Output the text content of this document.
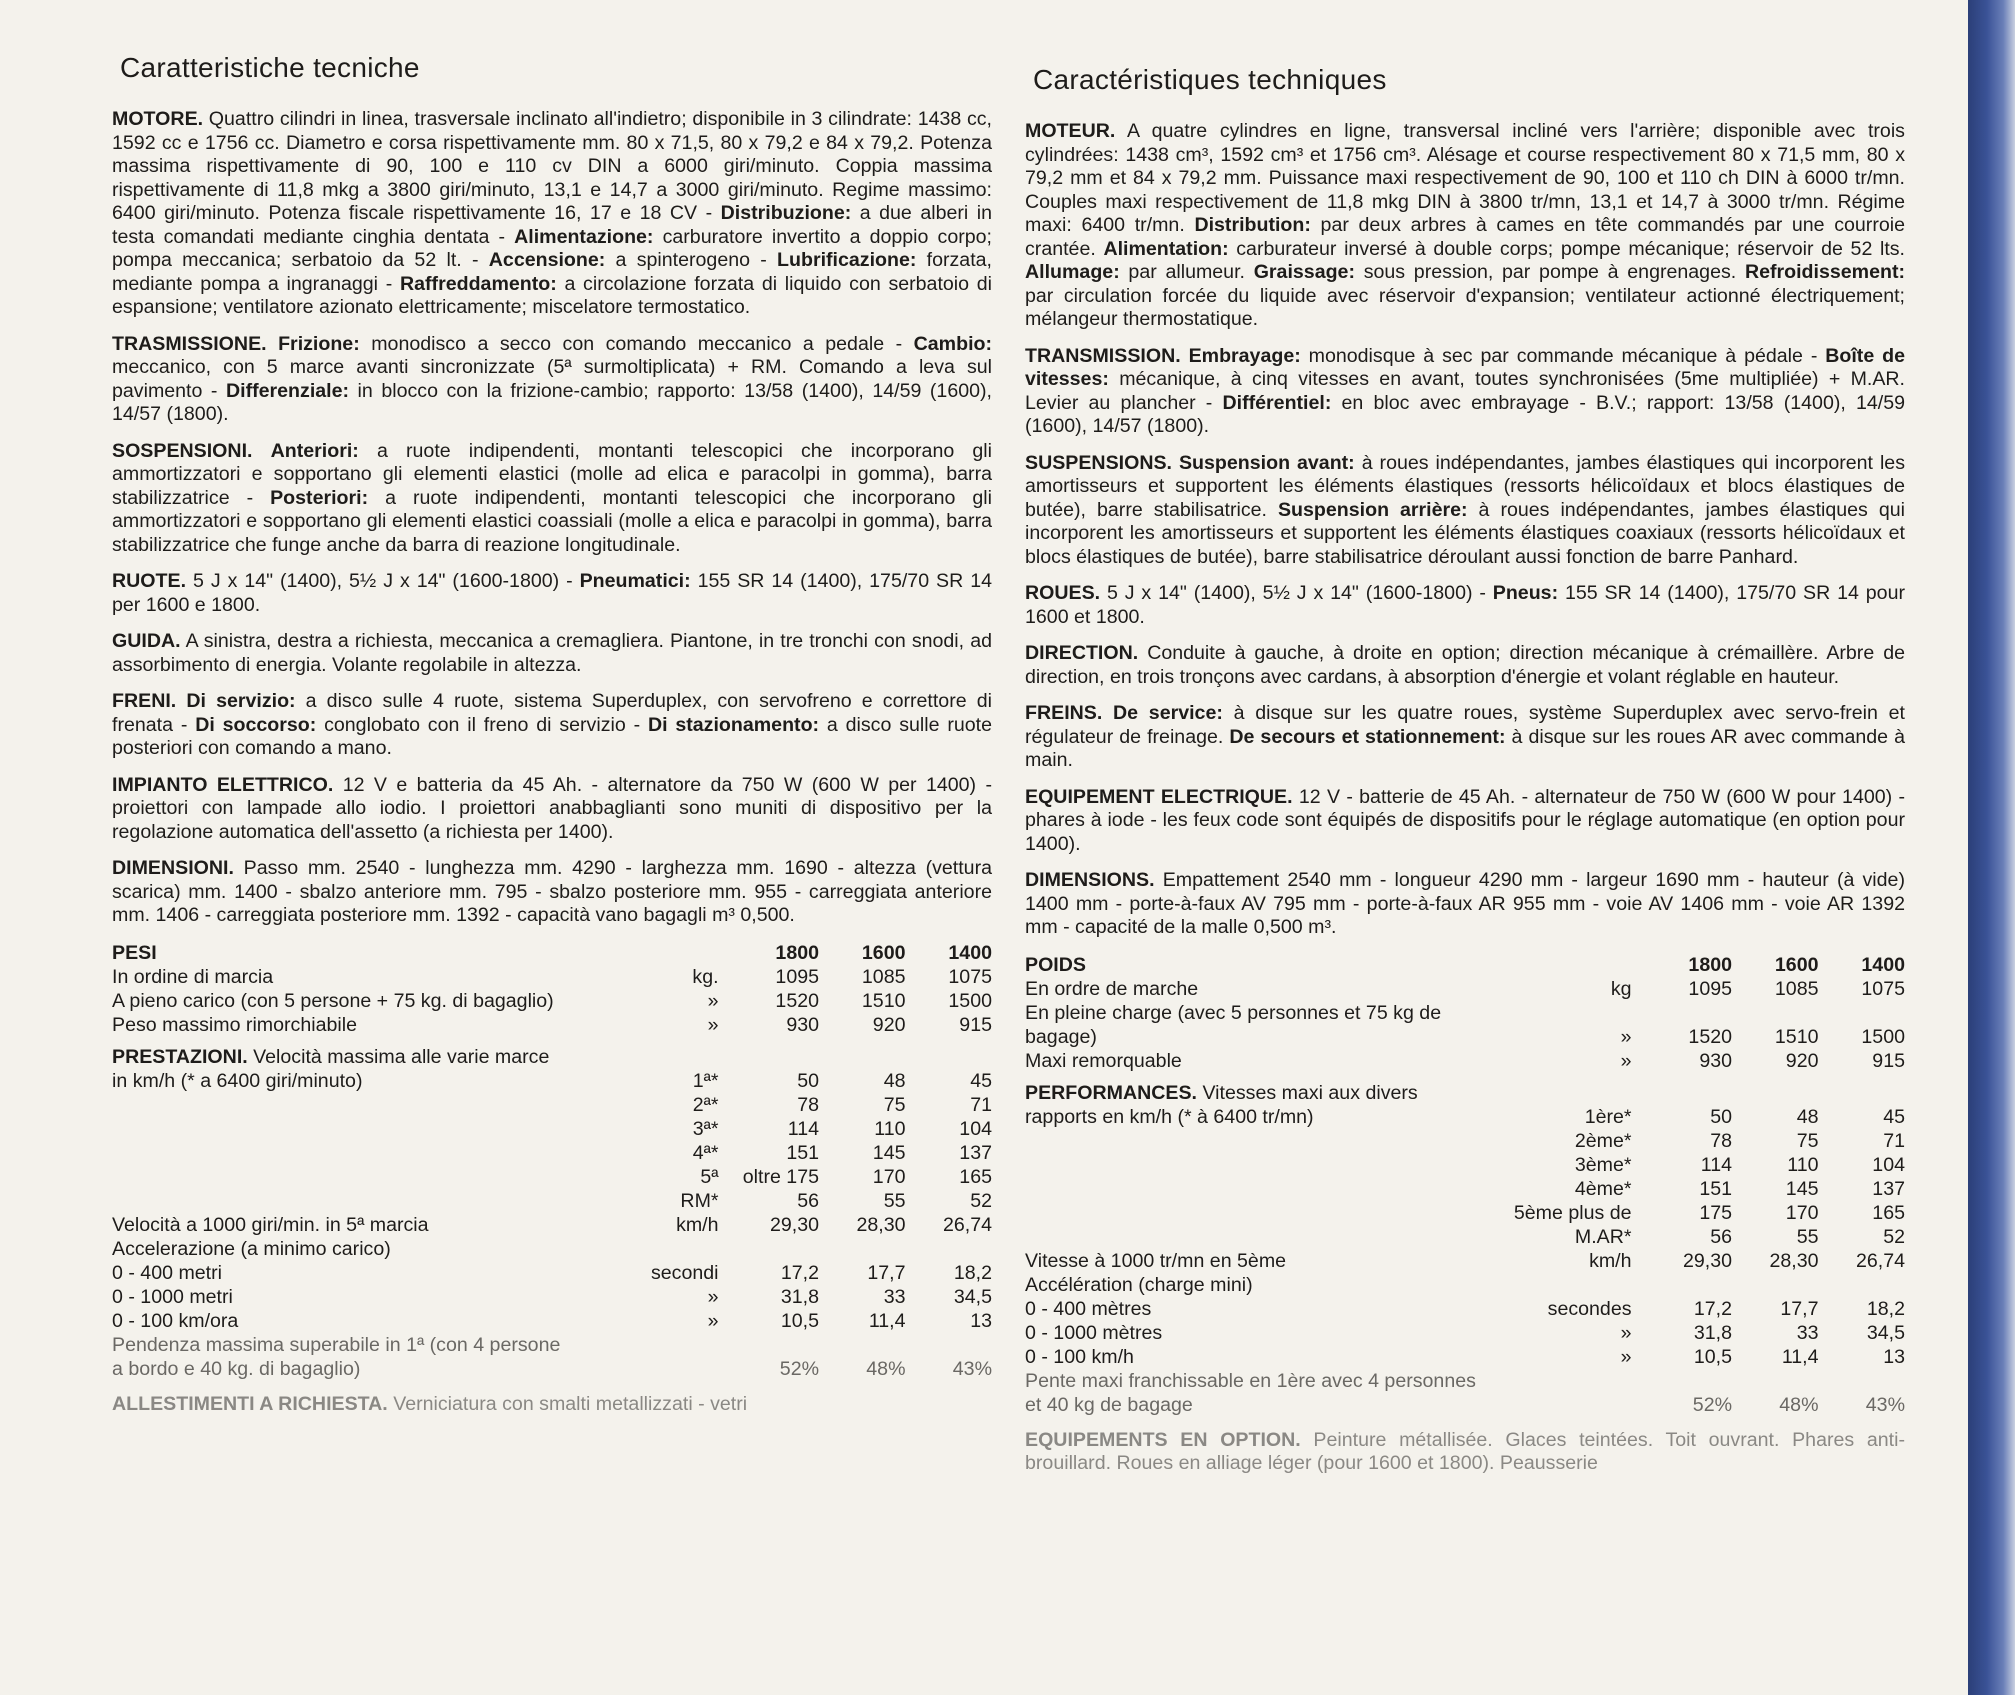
Caratteristiche tecniche

MOTORE. Quattro cilindri in linea, trasversale inclinato all'indietro; disponibile in 3 cilindrate: 1438 cc, 1592 cc e 1756 cc. Diametro e corsa rispettivamente mm. 80 x 71,5, 80 x 79,2 e 84 x 79,2. Potenza massima rispettivamente di 90, 100 e 110 cv DIN a 6000 giri/minuto. Coppia massima rispettivamente di 11,8 mkg a 3800 giri/minuto, 13,1 e 14,7 a 3000 giri/minuto. Regime massimo: 6400 giri/minuto. Potenza fiscale rispettivamente 16, 17 e 18 CV - Distribuzione: a due alberi in testa comandati mediante cinghia dentata - Alimentazione: carburatore invertito a doppio corpo; pompa meccanica; serbatoio da 52 lt. - Accensione: a spinterogeno - Lubrificazione: forzata, mediante pompa a ingranaggi - Raffreddamento: a circolazione forzata di liquido con serbatoio di espansione; ventilatore azionato elettricamente; miscelatore termostatico.

TRASMISSIONE. Frizione: monodisco a secco con comando meccanico a pedale - Cambio: meccanico, con 5 marce avanti sincronizzate (5ª surmoltiplicata) + RM. Comando a leva sul pavimento - Differenziale: in blocco con la frizione-cambio; rapporto: 13/58 (1400), 14/59 (1600), 14/57 (1800).

SOSPENSIONI. Anteriori: a ruote indipendenti, montanti telescopici che incorporano gli ammortizzatori e sopportano gli elementi elastici (molle ad elica e paracolpi in gomma), barra stabilizzatrice - Posteriori: a ruote indipendenti, montanti telescopici che incorporano gli ammortizzatori e sopportano gli elementi elastici coassiali (molle a elica e paracolpi in gomma), barra stabilizzatrice che funge anche da barra di reazione longitudinale.

RUOTE. 5 J x 14" (1400), 5½ J x 14" (1600-1800) - Pneumatici: 155 SR 14 (1400), 175/70 SR 14 per 1600 e 1800.

GUIDA. A sinistra, destra a richiesta, meccanica a cremagliera. Piantone, in tre tronchi con snodi, ad assorbimento di energia. Volante regolabile in altezza.

FRENI. Di servizio: a disco sulle 4 ruote, sistema Superduplex, con servofreno e correttore di frenata - Di soccorso: conglobato con il freno di servizio - Di stazionamento: a disco sulle ruote posteriori con comando a mano.

IMPIANTO ELETTRICO. 12 V e batteria da 45 Ah. - alternatore da 750 W (600 W per 1400) - proiettori con lampade allo iodio. I proiettori anabbaglianti sono muniti di dispositivo per la regolazione automatica dell'assetto (a richiesta per 1400).

DIMENSIONI. Passo mm. 2540 - lunghezza mm. 4290 - larghezza mm. 1690 - altezza (vettura scarica) mm. 1400 - sbalzo anteriore mm. 795 - sbalzo posteriore mm. 955 - carreggiata anteriore mm. 1406 - carreggiata posteriore mm. 1392 - capacità vano bagagli m³ 0,500.

PESI		1800	1600	1400
In ordine di marcia	kg.	1095	1085	1075
A pieno carico (con 5 persone + 75 kg. di bagaglio)	»	1520	1510	1500
Peso massimo rimorchiabile	»	930	920	915

PRESTAZIONI. Velocità massima alle varie marce in km/h (* a 6400 giri/minuto)	1ª*	50	48	45
	2ª*	78	75	71
	3ª*	114	110	104
	4ª*	151	145	137
	5ª	oltre 175	170	165
	RM*	56	55	52
Velocità a 1000 giri/min. in 5ª marcia	km/h	29,30	28,30	26,74
Accelerazione (a minimo carico)				
0 - 400 metri	secondi	17,2	17,7	18,2
0 - 1000 metri	»	31,8	33	34,5
0 - 100 km/ora	»	10,5	11,4	13
Pendenza massima superabile in 1ª (con 4 persone a bordo e 40 kg. di bagaglio)		52%	48%	43%

ALLESTIMENTI A RICHIESTA. Verniciatura con smalti metallizzati - vetri

Caractéristiques techniques

MOTEUR. A quatre cylindres en ligne, transversal incliné vers l'arrière; disponible avec trois cylindrées: 1438 cm³, 1592 cm³ et 1756 cm³. Alésage et course respectivement 80 x 71,5 mm, 80 x 79,2 mm et 84 x 79,2 mm. Puissance maxi respectivement de 90, 100 et 110 ch DIN à 6000 tr/mn. Couples maxi respectivement de 11,8 mkg DIN à 3800 tr/mn, 13,1 et 14,7 à 3000 tr/mn. Régime maxi: 6400 tr/mn. Distribution: par deux arbres à cames en tête commandés par une courroie crantée. Alimentation: carburateur inversé à double corps; pompe mécanique; réservoir de 52 lts. Allumage: par allumeur. Graissage: sous pression, par pompe à engrenages. Refroidissement: par circulation forcée du liquide avec réservoir d'expansion; ventilateur actionné électriquement; mélangeur thermostatique.

TRANSMISSION. Embrayage: monodisque à sec par commande mécanique à pédale - Boîte de vitesses: mécanique, à cinq vitesses en avant, toutes synchronisées (5me multipliée) + M.AR. Levier au plancher - Différentiel: en bloc avec embrayage - B.V.; rapport: 13/58 (1400), 14/59 (1600), 14/57 (1800).

SUSPENSIONS. Suspension avant: à roues indépendantes, jambes élastiques qui incorporent les amortisseurs et supportent les éléments élastiques (ressorts hélicoïdaux et blocs élastiques de butée), barre stabilisatrice. Suspension arrière: à roues indépendantes, jambes élastiques qui incorporent les amortisseurs et supportent les éléments élastiques coaxiaux (ressorts hélicoïdaux et blocs élastiques de butée), barre stabilisatrice déroulant aussi fonction de barre Panhard.

ROUES. 5 J x 14" (1400), 5½ J x 14" (1600-1800) - Pneus: 155 SR 14 (1400), 175/70 SR 14 pour 1600 et 1800.

DIRECTION. Conduite à gauche, à droite en option; direction mécanique à crémaillère. Arbre de direction, en trois tronçons avec cardans, à absorption d'énergie et volant réglable en hauteur.

FREINS. De service: à disque sur les quatre roues, système Superduplex avec servo-frein et régulateur de freinage. De secours et stationnement: à disque sur les roues AR avec commande à main.

EQUIPEMENT ELECTRIQUE. 12 V - batterie de 45 Ah. - alternateur de 750 W (600 W pour 1400) - phares à iode - les feux code sont équipés de dispositifs pour le réglage automatique (en option pour 1400).

DIMENSIONS. Empattement 2540 mm - longueur 4290 mm - largeur 1690 mm - hauteur (à vide) 1400 mm - porte-à-faux AV 795 mm - porte-à-faux AR 955 mm - voie AV 1406 mm - voie AR 1392 mm - capacité de la malle 0,500 m³.

POIDS		1800	1600	1400
En ordre de marche	kg	1095	1085	1075
En pleine charge (avec 5 personnes et 75 kg de bagage)	»	1520	1510	1500
Maxi remorquable	»	930	920	915

PERFORMANCES. Vitesses maxi aux divers rapports en km/h (* à 6400 tr/mn)	1ère*	50	48	45
	2ème*	78	75	71
	3ème*	114	110	104
	4ème*	151	145	137
	5ème plus de	175	170	165
	M.AR*	56	55	52
Vitesse à 1000 tr/mn en 5ème	km/h	29,30	28,30	26,74
Accélération (charge mini)				
0 - 400 mètres	secondes	17,2	17,7	18,2
0 - 1000 mètres	»	31,8	33	34,5
0 - 100 km/h	»	10,5	11,4	13
Pente maxi franchissable en 1ère avec 4 personnes et 40 kg de bagage		52%	48%	43%

EQUIPEMENTS EN OPTION. Peinture métallisée. Glaces teintées. Toit ouvrant. Phares anti-brouillard. Roues en alliage léger (pour 1600 et 1800). Peausserie
